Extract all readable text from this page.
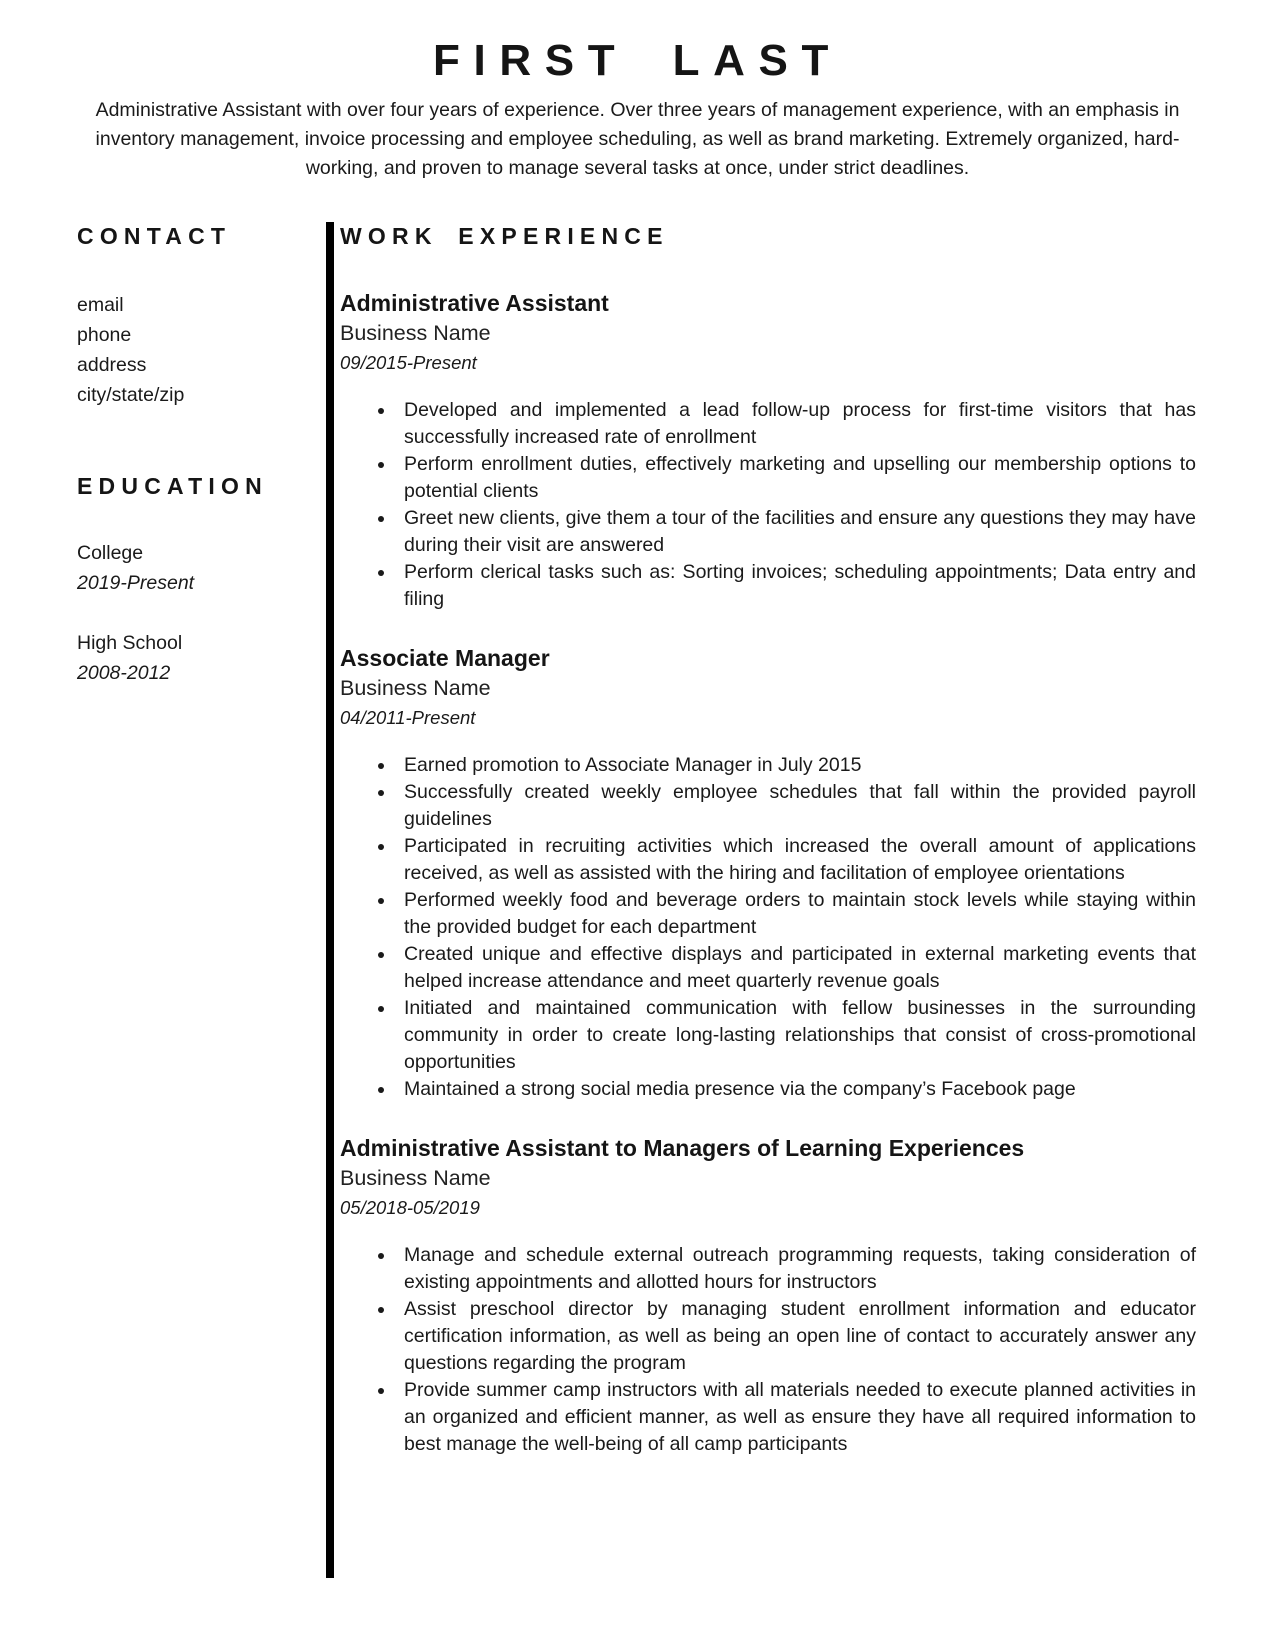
FIRST LAST
Administrative Assistant with over four years of experience. Over three years of management experience, with an emphasis in inventory management, invoice processing and employee scheduling, as well as brand marketing. Extremely organized, hard-working, and proven to manage several tasks at once, under strict deadlines.
CONTACT
email
phone
address
city/state/zip
EDUCATION
College
2019-Present
High School
2008-2012
WORK EXPERIENCE
Administrative Assistant
Business Name
09/2015-Present
• Developed and implemented a lead follow-up process for first-time visitors that has successfully increased rate of enrollment
• Perform enrollment duties, effectively marketing and upselling our membership options to potential clients
• Greet new clients, give them a tour of the facilities and ensure any questions they may have during their visit are answered
• Perform clerical tasks such as: Sorting invoices; scheduling appointments; Data entry and filing
Associate Manager
Business Name
04/2011-Present
• Earned promotion to Associate Manager in July 2015
• Successfully created weekly employee schedules that fall within the provided payroll guidelines
• Participated in recruiting activities which increased the overall amount of applications received, as well as assisted with the hiring and facilitation of employee orientations
• Performed weekly food and beverage orders to maintain stock levels while staying within the provided budget for each department
• Created unique and effective displays and participated in external marketing events that helped increase attendance and meet quarterly revenue goals
• Initiated and maintained communication with fellow businesses in the surrounding community in order to create long-lasting relationships that consist of cross-promotional opportunities
• Maintained a strong social media presence via the company’s Facebook page
Administrative Assistant to Managers of Learning Experiences
Business Name
05/2018-05/2019
• Manage and schedule external outreach programming requests, taking consideration of existing appointments and allotted hours for instructors
• Assist preschool director by managing student enrollment information and educator certification information, as well as being an open line of contact to accurately answer any questions regarding the program
• Provide summer camp instructors with all materials needed to execute planned activities in an organized and efficient manner, as well as ensure they have all required information to best manage the well-being of all camp participants
